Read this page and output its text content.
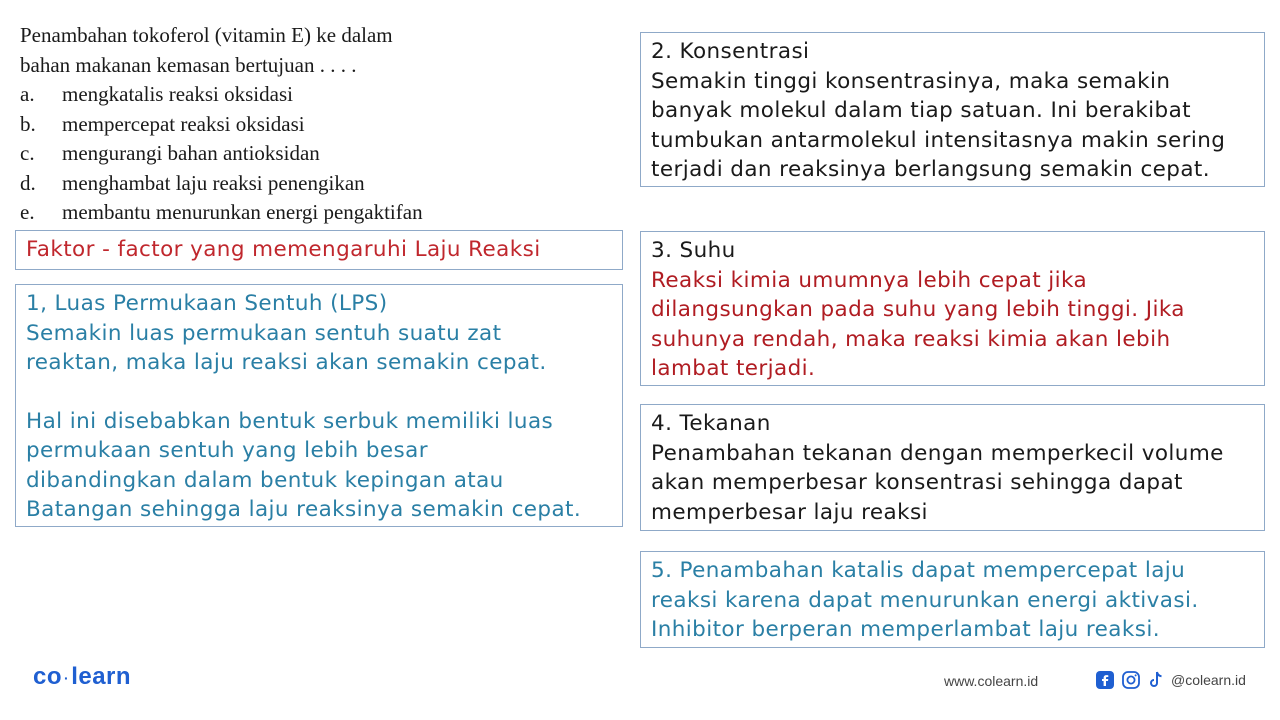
Penambahan tokoferol (vitamin E) ke dalam
bahan makanan kemasan bertujuan . . . .
a.	mengkatalis reaksi oksidasi
b.	mempercepat reaksi oksidasi
c.	mengurangi bahan antioksidan
d.	menghambat laju reaksi penengikan
e.	membantu menurunkan energi pengaktifan

Faktor - factor yang memengaruhi Laju Reaksi

1, Luas Permukaan Sentuh (LPS)

Semakin luas permukaan sentuh suatu zat

reaktan, maka laju reaksi akan semakin cepat.

Hal ini disebabkan bentuk serbuk memiliki luas

permukaan sentuh yang lebih besar

dibandingkan dalam bentuk kepingan atau

Batangan sehingga laju reaksinya semakin cepat.

2. Konsentrasi

Semakin tinggi konsentrasinya, maka semakin

banyak molekul dalam tiap satuan. Ini berakibat

tumbukan antarmolekul intensitasnya makin sering

terjadi dan reaksinya berlangsung semakin cepat.

3. Suhu

Reaksi kimia umumnya lebih cepat jika

dilangsungkan pada suhu yang lebih tinggi. Jika

suhunya rendah, maka reaksi kimia akan lebih

lambat terjadi.

4. Tekanan

Penambahan tekanan dengan memperkecil volume

akan memperbesar konsentrasi sehingga dapat

memperbesar laju reaksi

5. Penambahan katalis dapat mempercepat laju

reaksi karena dapat menurunkan energi aktivasi.

Inhibitor berperan memperlambat laju reaksi.

co ·learn	www.colearn.id	@colearn.id
